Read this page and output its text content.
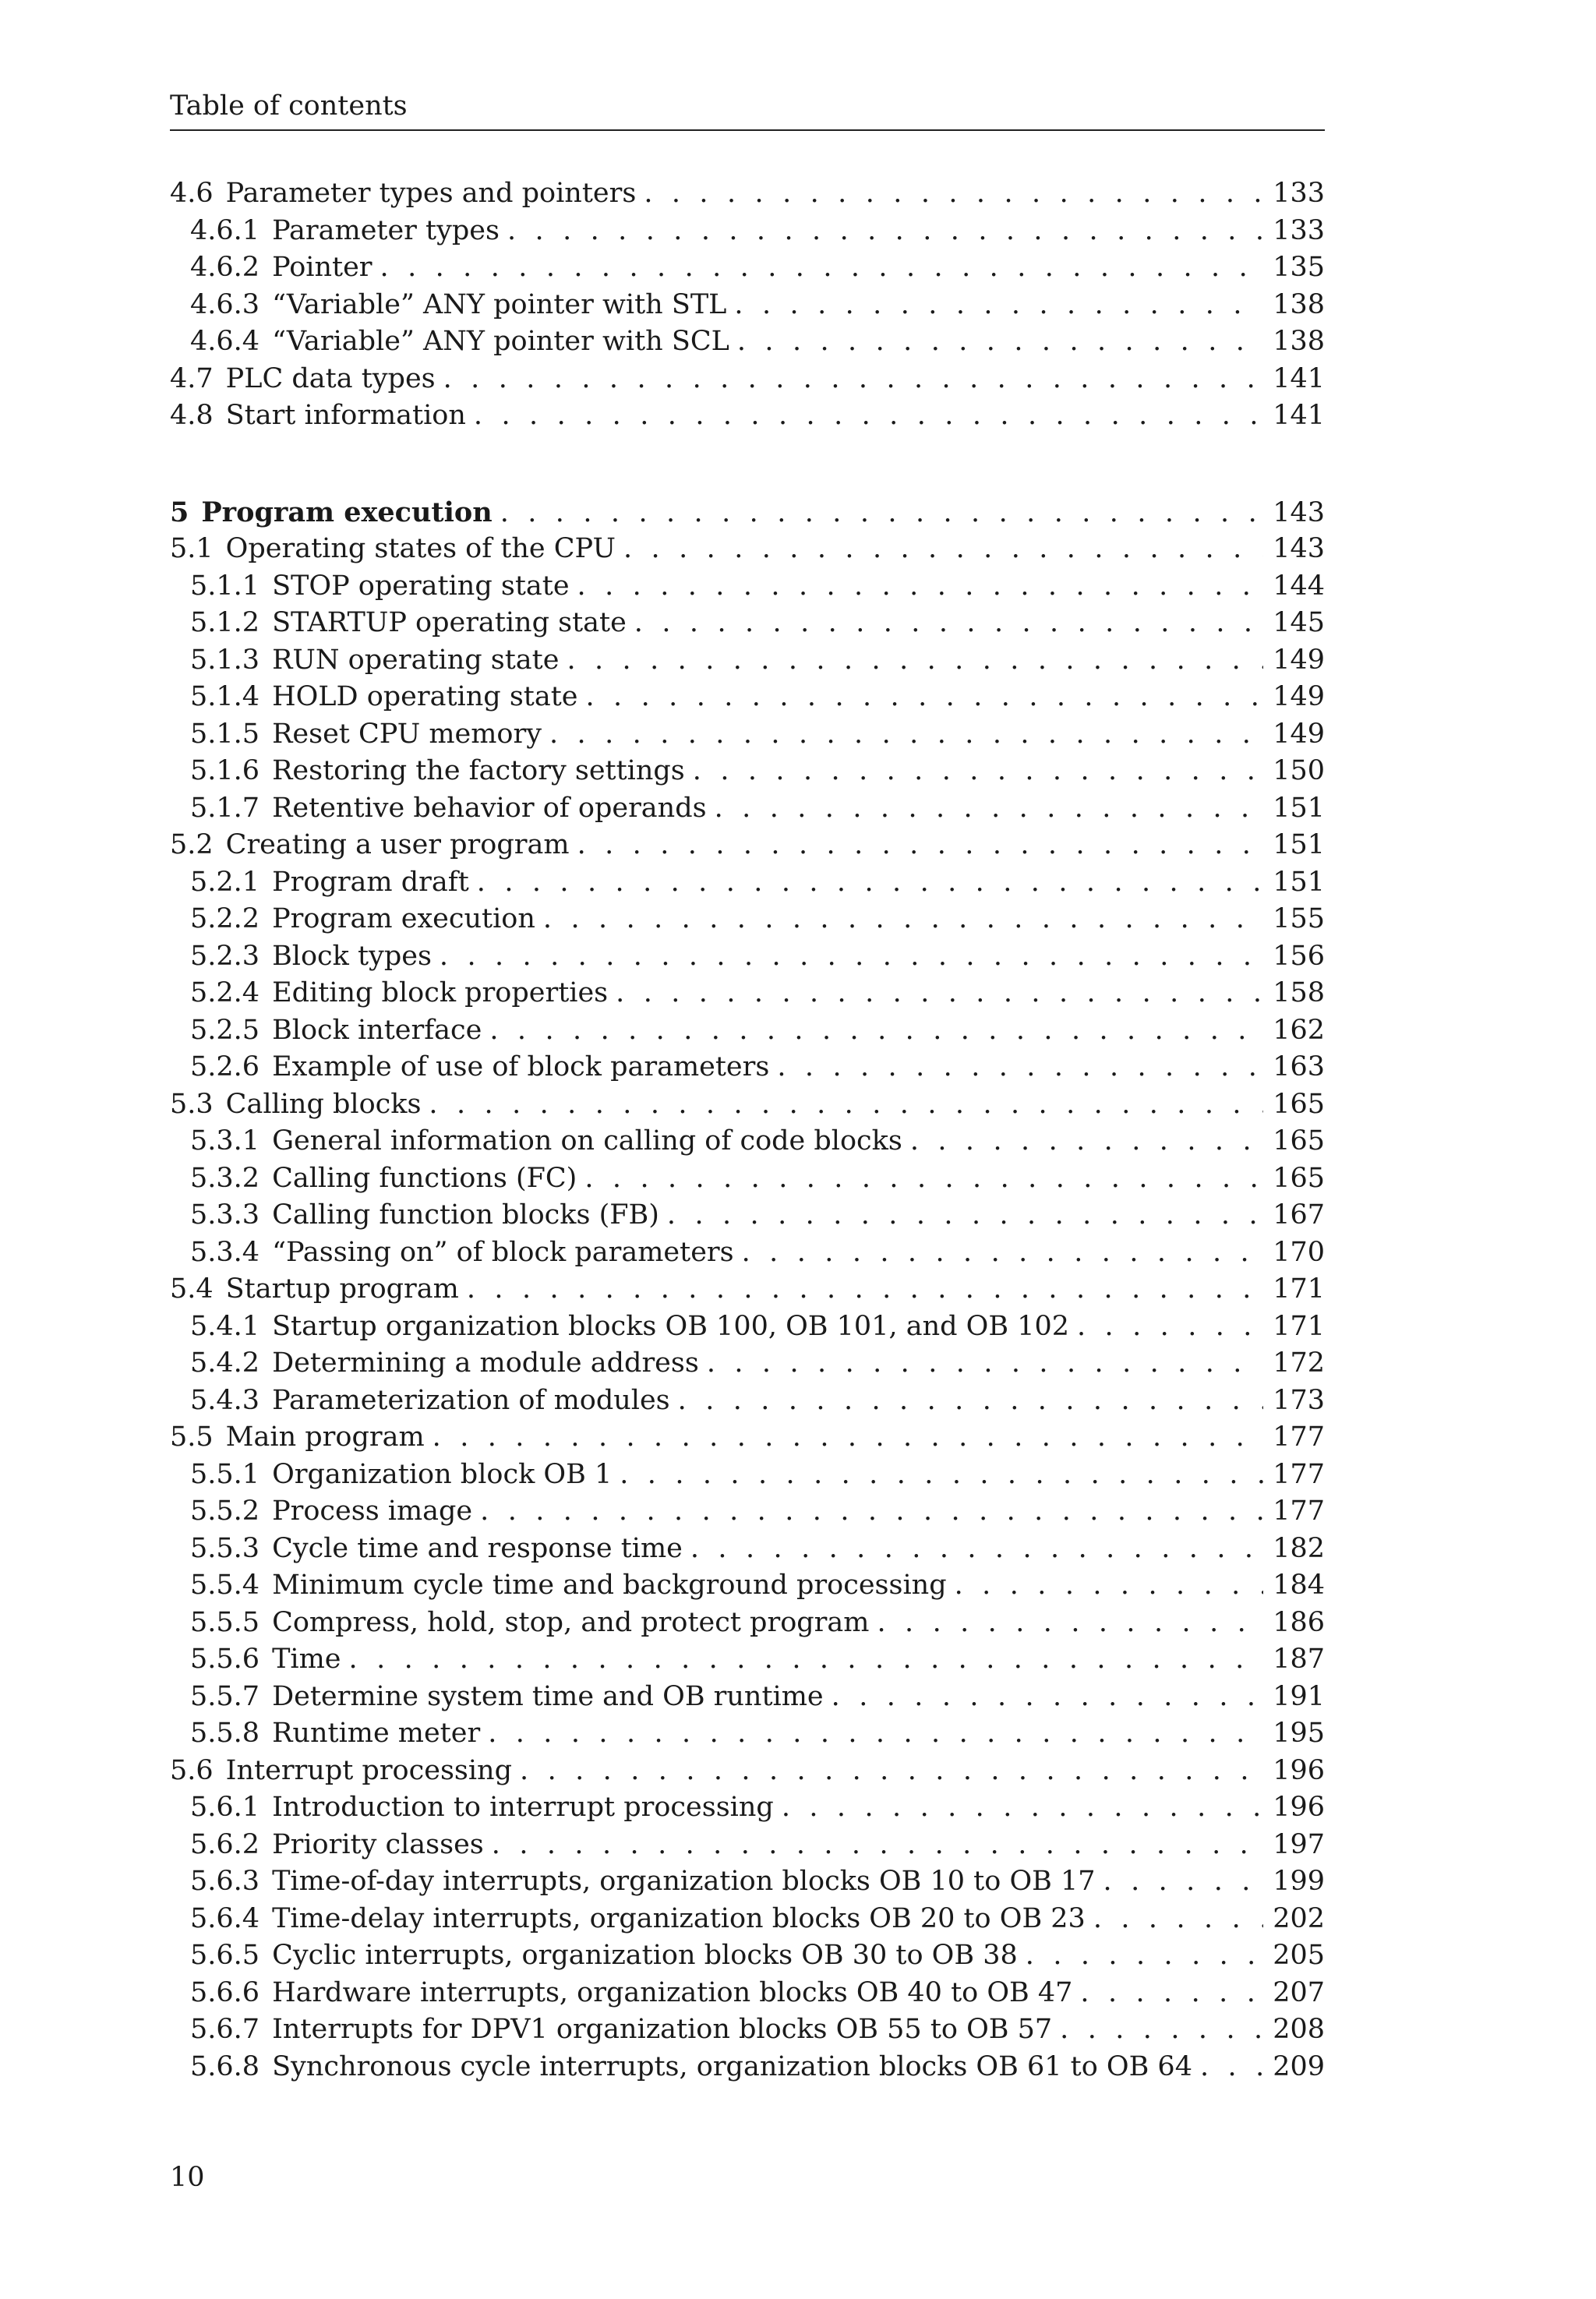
Table of contents
4.6 Parameter types and pointers . . .	133
4.6.1 Parameter types . . .	133
4.6.2 Pointer . . .	135
4.6.3 “Variable” ANY pointer with STL . . .	138
4.6.4 “Variable” ANY pointer with SCL . . .	138
4.7 PLC data types . . .	141
4.8 Start information . . .	141
5 Program execution . . .	143
5.1 Operating states of the CPU . . .	143
5.1.1 STOP operating state . . .	144
5.1.2 STARTUP operating state . . .	145
5.1.3 RUN operating state . . .	149
5.1.4 HOLD operating state . . .	149
5.1.5 Reset CPU memory . . .	149
5.1.6 Restoring the factory settings . . .	150
5.1.7 Retentive behavior of operands . . .	151
5.2 Creating a user program . . .	151
5.2.1 Program draft . . .	151
5.2.2 Program execution . . .	155
5.2.3 Block types . . .	156
5.2.4 Editing block properties . . .	158
5.2.5 Block interface . . .	162
5.2.6 Example of use of block parameters . . .	163
5.3 Calling blocks . . .	165
5.3.1 General information on calling of code blocks . . .	165
5.3.2 Calling functions (FC) . . .	165
5.3.3 Calling function blocks (FB) . . .	167
5.3.4 “Passing on” of block parameters . . .	170
5.4 Startup program . . .	171
5.4.1 Startup organization blocks OB 100, OB 101, and OB 102 . . .	171
5.4.2 Determining a module address . . .	172
5.4.3 Parameterization of modules . . .	173
5.5 Main program . . .	177
5.5.1 Organization block OB 1 . . .	177
5.5.2 Process image . . .	177
5.5.3 Cycle time and response time . . .	182
5.5.4 Minimum cycle time and background processing . . .	184
5.5.5 Compress, hold, stop, and protect program . . .	186
5.5.6 Time . . .	187
5.5.7 Determine system time and OB runtime . . .	191
5.5.8 Runtime meter . . .	195
5.6 Interrupt processing . . .	196
5.6.1 Introduction to interrupt processing . . .	196
5.6.2 Priority classes . . .	197
5.6.3 Time-of-day interrupts, organization blocks OB 10 to OB 17 . . .	199
5.6.4 Time-delay interrupts, organization blocks OB 20 to OB 23 . . .	202
5.6.5 Cyclic interrupts, organization blocks OB 30 to OB 38 . . .	205
5.6.6 Hardware interrupts, organization blocks OB 40 to OB 47 . . .	207
5.6.7 Interrupts for DPV1 organization blocks OB 55 to OB 57 . . .	208
5.6.8 Synchronous cycle interrupts, organization blocks OB 61 to OB 64 . . .	209
10
